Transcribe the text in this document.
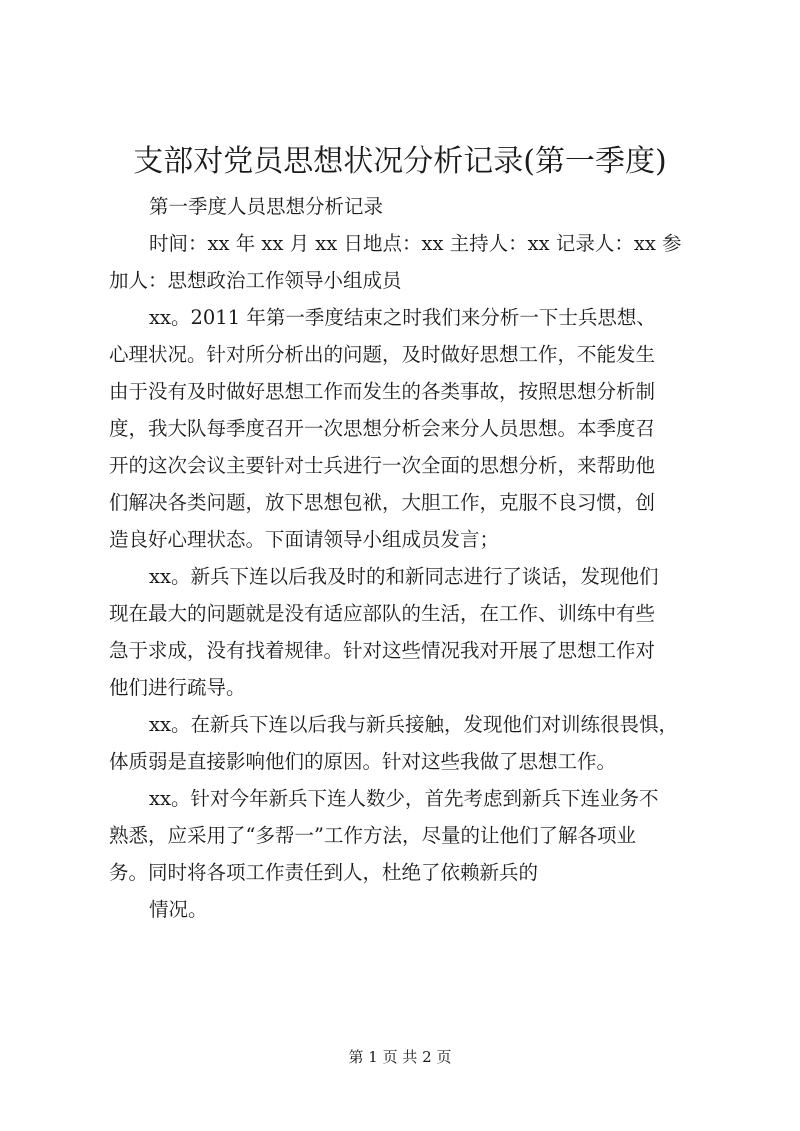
支部对党员思想状况分析记录(第一季度)

第一季度人员思想分析记录

时间：xx 年 xx 月 xx 日地点：xx 主持人：xx 记录人：xx 参
加人：思想政治工作领导小组成员

xx。2011 年第一季度结束之时我们来分析一下士兵思想、
心理状况。针对所分析出的问题，及时做好思想工作，不能发生
由于没有及时做好思想工作而发生的各类事故，按照思想分析制
度，我大队每季度召开一次思想分析会来分人员思想。本季度召
开的这次会议主要针对士兵进行一次全面的思想分析，来帮助他
们解决各类问题，放下思想包袱，大胆工作，克服不良习惯，创
造良好心理状态。下面请领导小组成员发言；

xx。新兵下连以后我及时的和新同志进行了谈话，发现他们
现在最大的问题就是没有适应部队的生活，在工作、训练中有些
急于求成，没有找着规律。针对这些情况我对开展了思想工作对
他们进行疏导。

xx。在新兵下连以后我与新兵接触，发现他们对训练很畏惧，
体质弱是直接影响他们的原因。针对这些我做了思想工作。

xx。针对今年新兵下连人数少，首先考虑到新兵下连业务不
熟悉，应采用了“多帮一”工作方法，尽量的让他们了解各项业
务。同时将各项工作责任到人，杜绝了依赖新兵的

情况。

第 1 页 共 2 页
